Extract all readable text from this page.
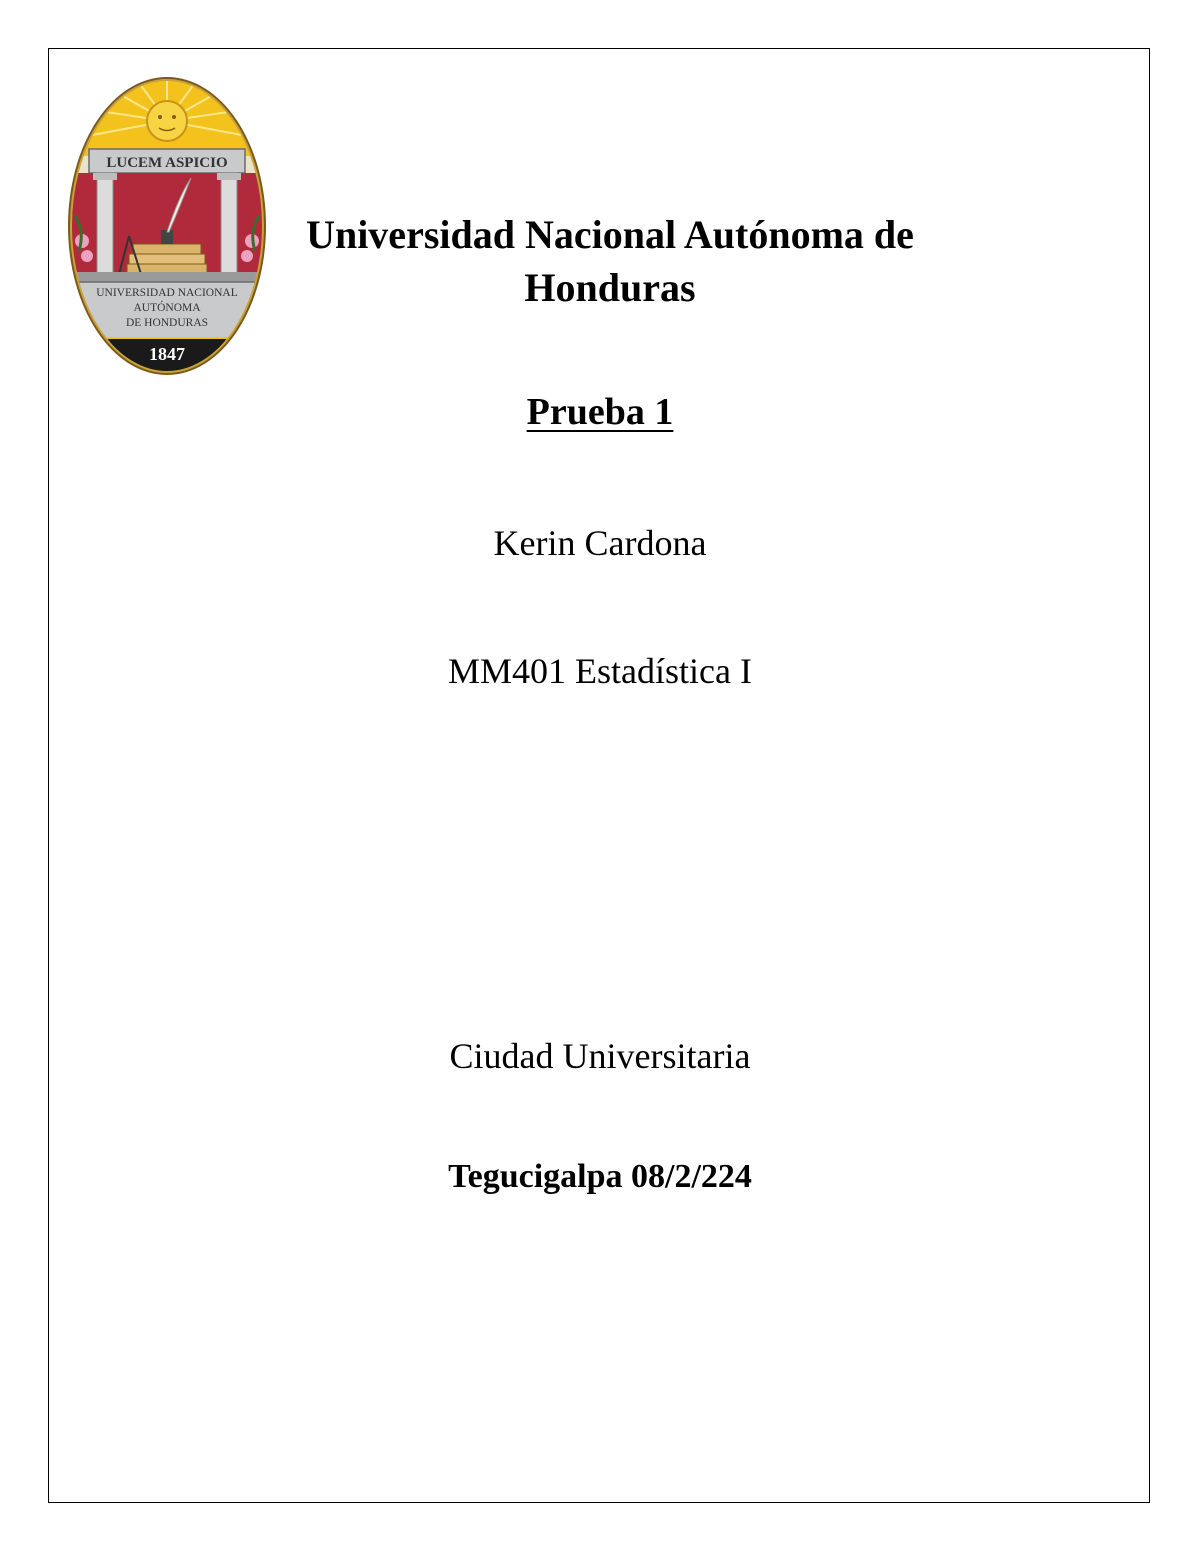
LUCEM ASPICIO
UNIVERSIDAD NACIONAL
AUTÓNOMA
DE HONDURAS
1847
Universidad Nacional Autónoma de
Honduras
Prueba 1
Kerin Cardona
MM401 Estadística I
Ciudad Universitaria
Tegucigalpa 08/2/224
